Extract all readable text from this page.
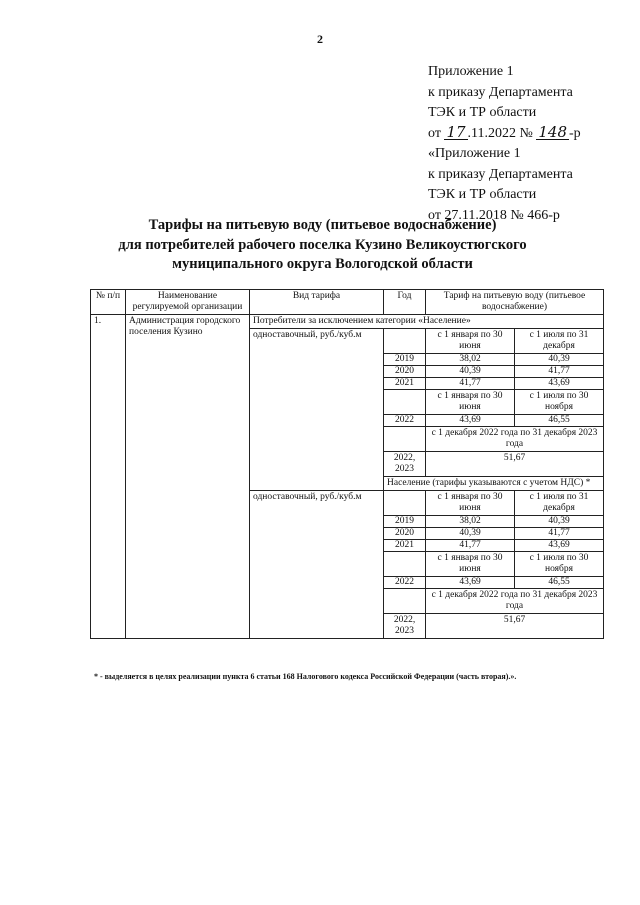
2
Приложение 1
к приказу Департамента
ТЭК и ТР области
от 17 .11.2022 № 148 -р
«Приложение 1
к приказу Департамента
ТЭК и ТР области
от 27.11.2018 № 466-р
Тарифы на питьевую воду (питьевое водоснабжение)
для потребителей рабочего поселка Кузино Великоустюгского
муниципального округа Вологодской области
№ п/п	Наименование регулируемой организации	Вид тарифа	Год	Тариф на питьевую воду (питьевое водоснабжение)	
1.	Администрация городского поселения Кузино	Потребители за исключением категории «Население»			
		одноставочный, руб./куб.м		с 1 января по 30 июня	с 1 июля по 31 декабря
			2019	38,02	40,39
			2020	40,39	41,77
			2021	41,77	43,69
				с 1 января по 30 июня	с 1 июля по 30 ноября
			2022	43,69	46,55
				с 1 декабря 2022 года по 31 декабря 2023 года	
			2022, 2023	51,67	
			Население (тарифы указываются с учетом НДС) *		
		одноставочный, руб./куб.м		с 1 января по 30 июня	с 1 июля по 31 декабря
			2019	38,02	40,39
			2020	40,39	41,77
			2021	41,77	43,69
				с 1 января по 30 июня	с 1 июля по 30 ноября
			2022	43,69	46,55
				с 1 декабря 2022 года по 31 декабря 2023 года	
			2022, 2023	51,67	
* - выделяется в целях реализации пункта 6 статьи 168 Налогового кодекса Российской Федерации (часть вторая).».
